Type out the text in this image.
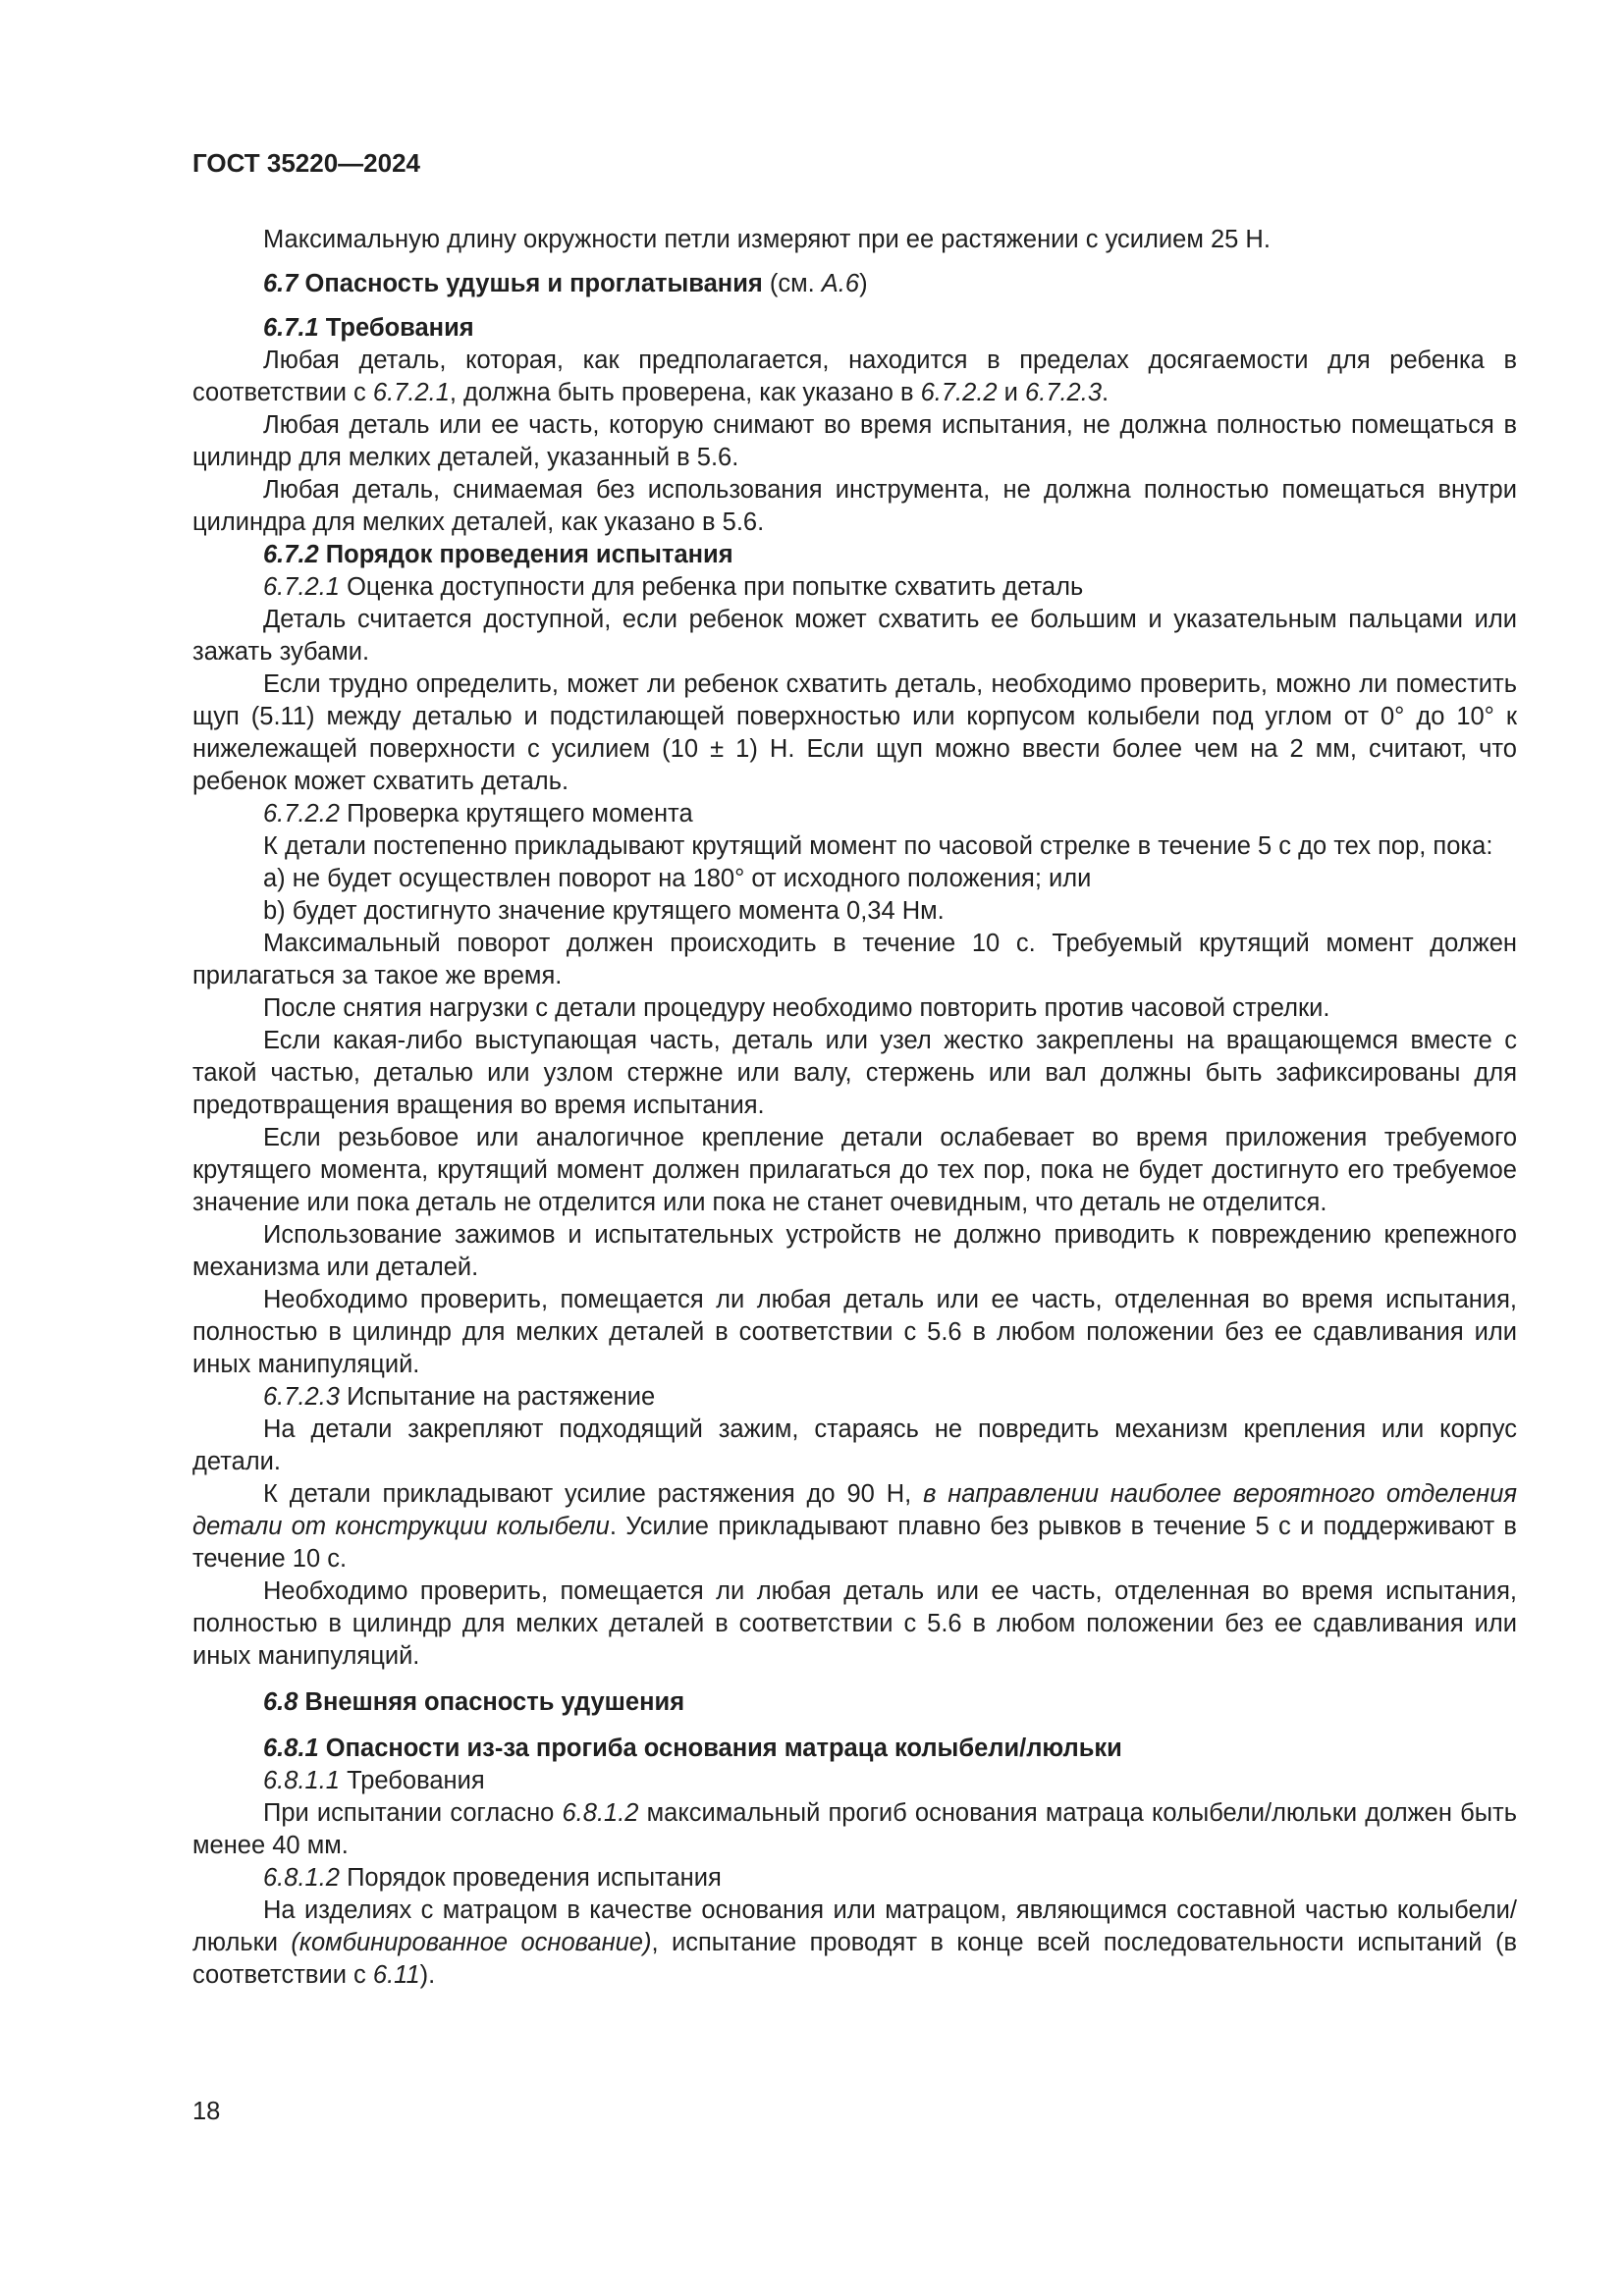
ГОСТ 35220—2024
Максимальную длину окружности петли измеряют при ее растяжении с усилием 25 Н.
6.7 Опасность удушья и проглатывания (см. А.6)
6.7.1 Требования
Любая деталь, которая, как предполагается, находится в пределах досягаемости для ребенка в соответствии с 6.7.2.1, должна быть проверена, как указано в 6.7.2.2 и 6.7.2.3.
Любая деталь или ее часть, которую снимают во время испытания, не должна полностью помещаться в цилиндр для мелких деталей, указанный в 5.6.
Любая деталь, снимаемая без использования инструмента, не должна полностью помещаться внутри цилиндра для мелких деталей, как указано в 5.6.
6.7.2 Порядок проведения испытания
6.7.2.1 Оценка доступности для ребенка при попытке схватить деталь
Деталь считается доступной, если ребенок может схватить ее большим и указательным пальцами или зажать зубами.
Если трудно определить, может ли ребенок схватить деталь, необходимо проверить, можно ли поместить щуп (5.11) между деталью и подстилающей поверхностью или корпусом колыбели под углом от 0° до 10° к нижележащей поверхности с усилием (10 ± 1) Н. Если щуп можно ввести более чем на 2 мм, считают, что ребенок может схватить деталь.
6.7.2.2 Проверка крутящего момента
К детали постепенно прикладывают крутящий момент по часовой стрелке в течение 5 с до тех пор, пока:
a) не будет осуществлен поворот на 180° от исходного положения; или
b) будет достигнуто значение крутящего момента 0,34 Нм.
Максимальный поворот должен происходить в течение 10 с. Требуемый крутящий момент должен прилагаться за такое же время.
После снятия нагрузки с детали процедуру необходимо повторить против часовой стрелки.
Если какая-либо выступающая часть, деталь или узел жестко закреплены на вращающемся вместе с такой частью, деталью или узлом стержне или валу, стержень или вал должны быть зафиксированы для предотвращения вращения во время испытания.
Если резьбовое или аналогичное крепление детали ослабевает во время приложения требуемого крутящего момента, крутящий момент должен прилагаться до тех пор, пока не будет достигнуто его требуемое значение или пока деталь не отделится или пока не станет очевидным, что деталь не отделится.
Использование зажимов и испытательных устройств не должно приводить к повреждению крепежного механизма или деталей.
Необходимо проверить, помещается ли любая деталь или ее часть, отделенная во время испытания, полностью в цилиндр для мелких деталей в соответствии с 5.6 в любом положении без ее сдавливания или иных манипуляций.
6.7.2.3 Испытание на растяжение
На детали закрепляют подходящий зажим, стараясь не повредить механизм крепления или корпус детали.
К детали прикладывают усилие растяжения до 90 Н, в направлении наиболее вероятного отделения детали от конструкции колыбели. Усилие прикладывают плавно без рывков в течение 5 с и поддерживают в течение 10 с.
Необходимо проверить, помещается ли любая деталь или ее часть, отделенная во время испытания, полностью в цилиндр для мелких деталей в соответствии с 5.6 в любом положении без ее сдавливания или иных манипуляций.
6.8 Внешняя опасность удушения
6.8.1 Опасности из-за прогиба основания матраца колыбели/люльки
6.8.1.1 Требования
При испытании согласно 6.8.1.2 максимальный прогиб основания матраца колыбели/люльки должен быть менее 40 мм.
6.8.1.2 Порядок проведения испытания
На изделиях с матрацом в качестве основания или матрацом, являющимся составной частью колыбели/люльки (комбинированное основание), испытание проводят в конце всей последовательности испытаний (в соответствии с 6.11).
18
